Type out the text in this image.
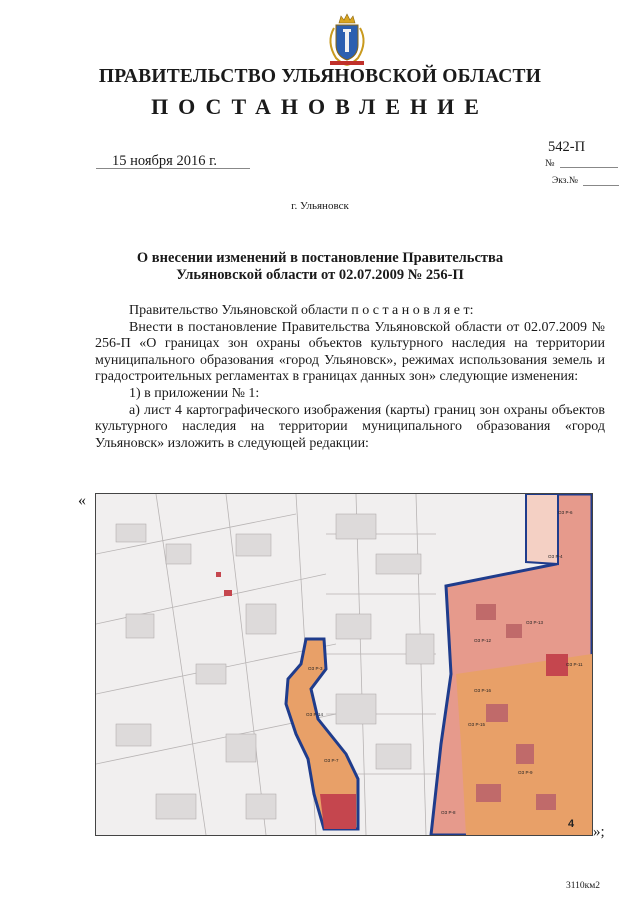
ПРАВИТЕЛЬСТВО УЛЬЯНОВСКОЙ ОБЛАСТИ
ПОСТАНОВЛЕНИЕ
15 ноября 2016 г.
542-П
№
Экз.№
г. Ульяновск
О внесении изменений в постановление Правительства
Ульяновской области от 02.07.2009 № 256-П

Правительство Ульяновской области п о с т а н о в л я е т:

Внести в постановление Правительства Ульяновской области от 02.07.2009 № 256-П «О границах зон охраны объектов культурного наследия на территории муниципального образования «город Ульяновск», режимах использования земель и градостроительных регламентах в границах данных зон» следующие изменения:

1) в приложении № 1:

а) лист 4 картографического изображения (карты) границ зон охраны объектов культурного наследия на территории муниципального образования «город Ульяновск» изложить в следующей редакции:

«
ОЗ Р-6
ОЗ Р-4
ОЗ Р-13
ОЗ Р-12
ОЗ Р-11
ОЗ Р-16
ОЗ Р-15
ОЗ Р-9
ОЗ Р-8
ОЗ Р-3
ОЗ Р-14
ОЗ Р-7
4 »;
3110км2
